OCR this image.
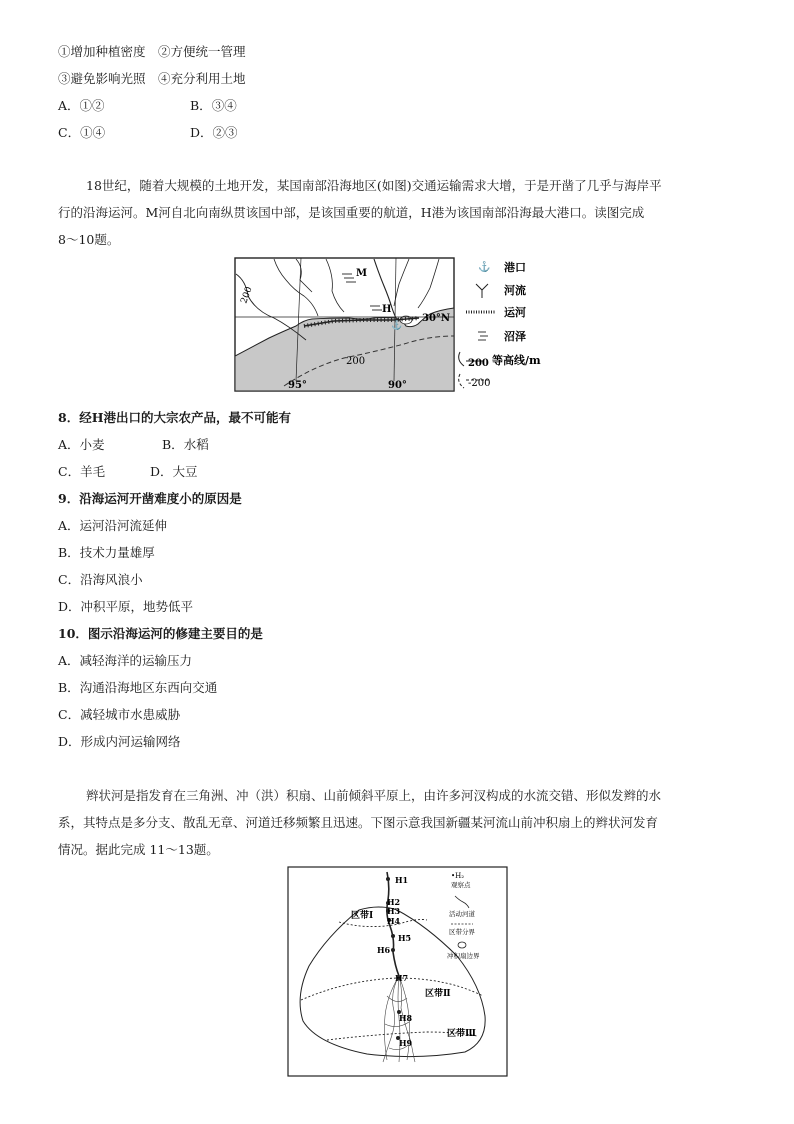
①增加种植密度　②方便统一管理
③避免影响光照　④充分利用土地
A．①②	B．③④
C．①④	D．②③
18世纪，随着大规模的土地开发，某国南部沿海地区(如图)交通运输需求大增，于是开凿了几乎与海岸平
行的沿海运河。M河自北向南纵贯该国中部，是该国重要的航道，H港为该国南部沿海最大港口。读图完成
8～10题。
⚓
M
H
30°N
95°	90°
200
200
⚓ 港口
河流
运河
沼泽
200 等高线/m
-200
8．经H港出口的大宗农产品，最不可能有
A．小麦	B．水稻
C．羊毛	D．大豆
9．沿海运河开凿难度小的原因是
A．运河沿河流延伸
B．技术力量雄厚
C．沿海风浪小
D．冲积平原，地势低平
10．图示沿海运河的修建主要目的是
A．减轻海洋的运输压力
B．沟通沿海地区东西向交通
C．减轻城市水患威胁
D．形成内河运输网络
辫状河是指发育在三角洲、冲（洪）积扇、山前倾斜平原上，由许多河汊构成的水流交错、形似发辫的水
系，其特点是多分支、散乱无章、河道迁移频繁且迅速。下图示意我国新疆某河流山前冲积扇上的辫状河发育
情况。据此完成 11～13题。
H1
H2
H3
H4
H5
H6
H7
H8
H9
区带Ⅰ
区带Ⅱ
区带Ⅲ
•H₂
观察点
活动河道
区带分界
冲积扇边界
